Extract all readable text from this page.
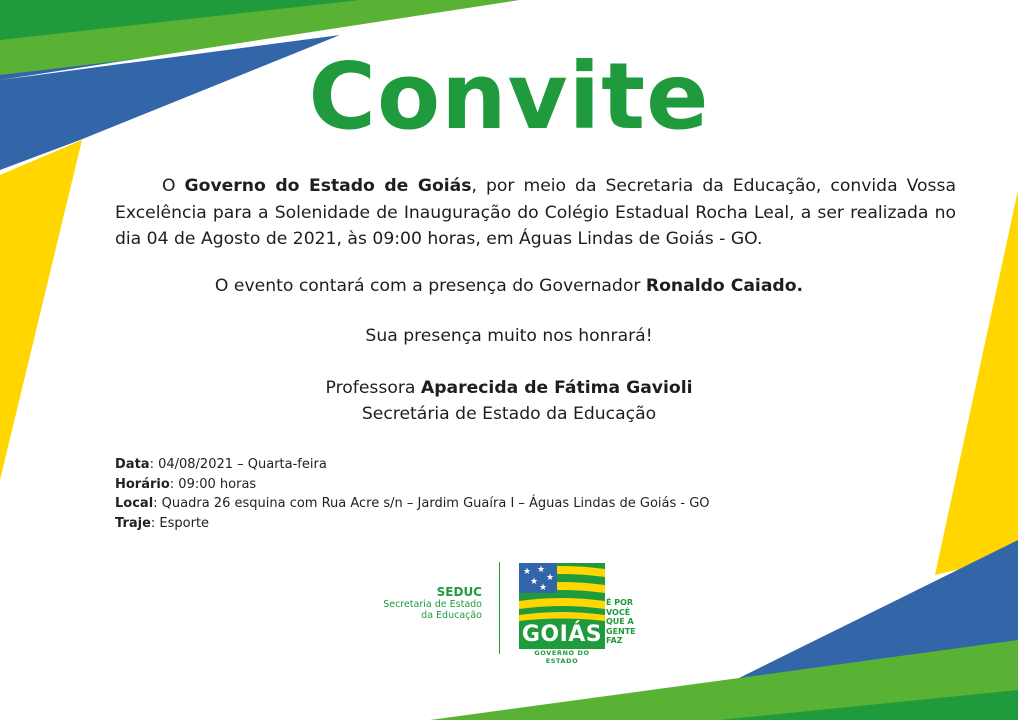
Convite
O Governo do Estado de Goiás, por meio da Secretaria da Educação, convida Vossa Excelência para a Solenidade de Inauguração do Colégio Estadual Rocha Leal, a ser realizada no dia 04 de Agosto de 2021, às 09:00 horas, em Águas Lindas de Goiás - GO.
O evento contará com a presença do Governador Ronaldo Caiado.
Sua presença muito nos honrará!
Professora Aparecida de Fátima Gavioli
Secretária de Estado da Educação
Data: 04/08/2021 – Quarta-feira
Horário: 09:00 horas
Local: Quadra 26 esquina com Rua Acre s/n – Jardim Guaíra I – Águas Lindas de Goiás - GO
Traje: Esporte
SEDUC
Secretaria de Estado
da Educação
★ ★
★
★
★
GOIÁS
GOVERNO DO ESTADO
É POR
VOCÊ
QUE A
GENTE
FAZ
